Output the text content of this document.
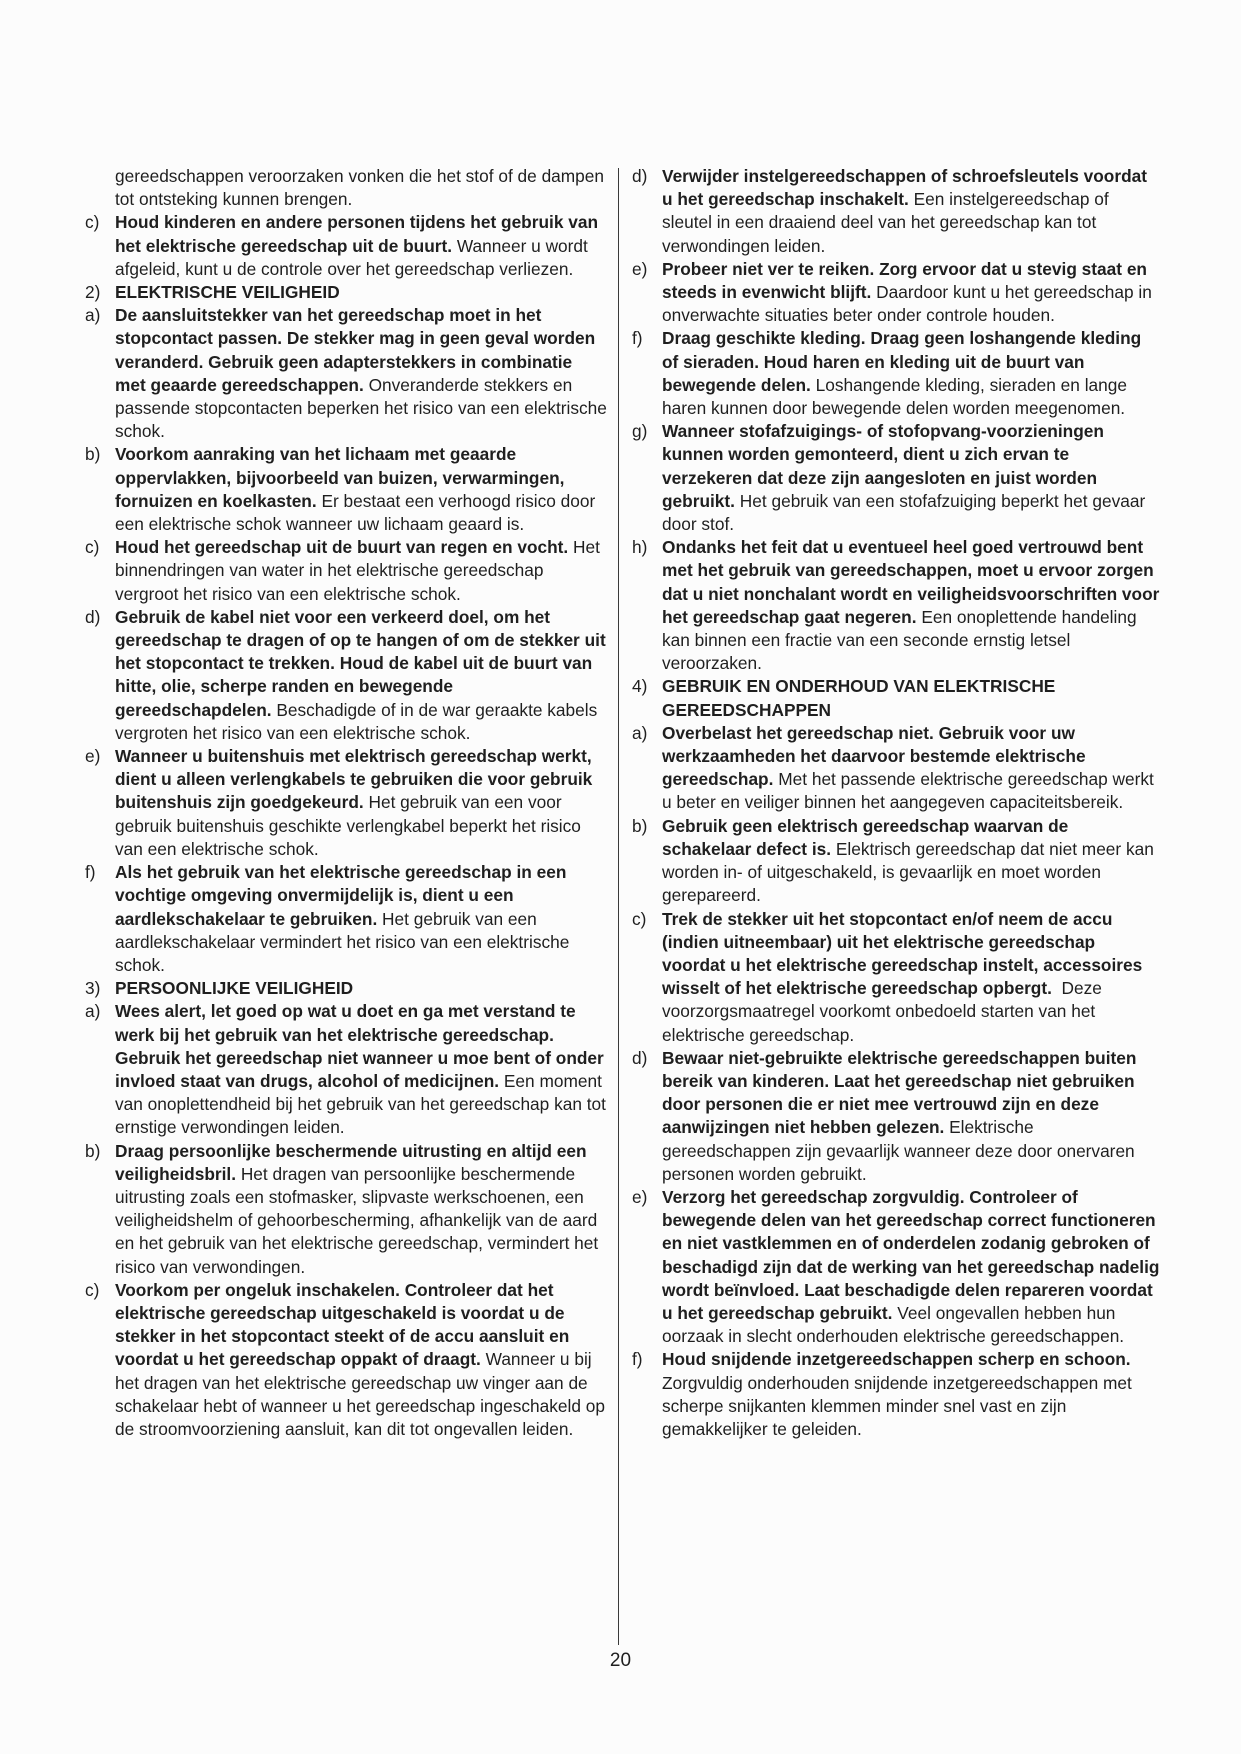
gereedschappen veroorzaken vonken die het stof of de dampen tot ontsteking kunnen brengen.
c) Houd kinderen en andere personen tijdens het gebruik van het elektrische gereedschap uit de buurt. Wanneer u wordt afgeleid, kunt u de controle over het gereedschap verliezen.
2) ELEKTRISCHE VEILIGHEID
a) De aansluitstekker van het gereedschap moet in het stopcontact passen. De stekker mag in geen geval worden veranderd. Gebruik geen adapterstekkers in combinatie met geaarde gereedschappen. Onveranderde stekkers en passende stopcontacten beperken het risico van een elektrische schok.
b) Voorkom aanraking van het lichaam met geaarde oppervlakken, bijvoorbeeld van buizen, verwarmingen, fornuizen en koelkasten. Er bestaat een verhoogd risico door een elektrische schok wanneer uw lichaam geaard is.
c) Houd het gereedschap uit de buurt van regen en vocht. Het binnendringen van water in het elektrische gereedschap vergroot het risico van een elektrische schok.
d) Gebruik de kabel niet voor een verkeerd doel, om het gereedschap te dragen of op te hangen of om de stekker uit het stopcontact te trekken. Houd de kabel uit de buurt van hitte, olie, scherpe randen en bewegende gereedschapdelen. Beschadigde of in de war geraakte kabels vergroten het risico van een elektrische schok.
e) Wanneer u buitenshuis met elektrisch gereedschap werkt, dient u alleen verlengkabels te gebruiken die voor gebruik buitenshuis zijn goedgekeurd. Het gebruik van een voor gebruik buitenshuis geschikte verlengkabel beperkt het risico van een elektrische schok.
f)	Als het gebruik van het elektrische gereedschap in een vochtige omgeving onvermijdelijk is, dient u een aardlekschakelaar te gebruiken. Het gebruik van een aardlekschakelaar vermindert het risico van een elektrische schok.
3) PERSOONLIJKE VEILIGHEID
a) Wees alert, let goed op wat u doet en ga met verstand te werk bij het gebruik van het elektrische gereedschap. Gebruik het gereedschap niet wanneer u moe bent of onder invloed staat van drugs, alcohol of medicijnen. Een moment van onoplettendheid bij het gebruik van het gereedschap kan tot ernstige verwondingen leiden.
b) Draag persoonlijke beschermende uitrusting en altijd een veiligheidsbril. Het dragen van persoonlijke beschermende uitrusting zoals een stofmasker, slipvaste werkschoenen, een veiligheidshelm of gehoorbescherming, afhankelijk van de aard en het gebruik van het elektrische gereedschap, vermindert het risico van verwondingen.
c) Voorkom per ongeluk inschakelen. Controleer dat het elektrische gereedschap uitgeschakeld is voordat u de stekker in het stopcontact steekt of de accu aansluit en voordat u het gereedschap oppakt of draagt. Wanneer u bij het dragen van het elektrische gereedschap uw vinger aan de schakelaar hebt of wanneer u het gereedschap ingeschakeld op de stroomvoorziening aansluit, kan dit tot ongevallen leiden.
d) Verwijder instelgereedschappen of schroefsleutels voordat u het gereedschap inschakelt. Een instelgereedschap of sleutel in een draaiend deel van het gereedschap kan tot verwondingen leiden.
e) Probeer niet ver te reiken. Zorg ervoor dat u stevig staat en steeds in evenwicht blijft. Daardoor kunt u het gereedschap in onverwachte situaties beter onder controle houden.
f)	Draag geschikte kleding. Draag geen loshangende kleding of sieraden. Houd haren en kleding uit de buurt van bewegende delen. Loshangende kleding, sieraden en lange haren kunnen door bewegende delen worden meegenomen.
g) Wanneer stofafzuigings- of stofopvang-voorzieningen kunnen worden gemonteerd, dient u zich ervan te verzekeren dat deze zijn aangesloten en juist worden gebruikt. Het gebruik van een stofafzuiging beperkt het gevaar door stof.
h) Ondanks het feit dat u eventueel heel goed vertrouwd bent met het gebruik van gereedschappen, moet u ervoor zorgen dat u niet nonchalant wordt en veiligheidsvoorschriften voor het gereedschap gaat negeren. Een onoplettende handeling kan binnen een fractie van een seconde ernstig letsel veroorzaken.
4) GEBRUIK EN ONDERHOUD VAN ELEKTRISCHE GEREEDSCHAPPEN
a) Overbelast het gereedschap niet. Gebruik voor uw werkzaamheden het daarvoor bestemde elektrische gereedschap. Met het passende elektrische gereedschap werkt u beter en veiliger binnen het aangegeven capaciteitsbereik.
b) Gebruik geen elektrisch gereedschap waarvan de schakelaar defect is. Elektrisch gereedschap dat niet meer kan worden in- of uitgeschakeld, is gevaarlijk en moet worden gerepareerd.
c) Trek de stekker uit het stopcontact en/of neem de accu (indien uitneembaar) uit het elektrische gereedschap voordat u het elektrische gereedschap instelt, accessoires wisselt of het elektrische gereedschap opbergt.  Deze voorzorgsmaatregel voorkomt onbedoeld starten van het elektrische gereedschap.
d) Bewaar niet-gebruikte elektrische gereedschappen buiten bereik van kinderen. Laat het gereedschap niet gebruiken door personen die er niet mee vertrouwd zijn en deze aanwijzingen niet hebben gelezen. Elektrische gereedschappen zijn gevaarlijk wanneer deze door onervaren personen worden gebruikt.
e) Verzorg het gereedschap zorgvuldig. Controleer of bewegende delen van het gereedschap correct functioneren en niet vastklemmen en of onderdelen zodanig gebroken of beschadigd zijn dat de werking van het gereedschap nadelig wordt beïnvloed. Laat beschadigde delen repareren voordat u het gereedschap gebruikt. Veel ongevallen hebben hun oorzaak in slecht onderhouden elektrische gereedschappen.
f)	Houd snijdende inzetgereedschappen scherp en schoon. Zorgvuldig onderhouden snijdende inzetgereedschappen met scherpe snijkanten klemmen minder snel vast en zijn gemakkelijker te geleiden.
20
